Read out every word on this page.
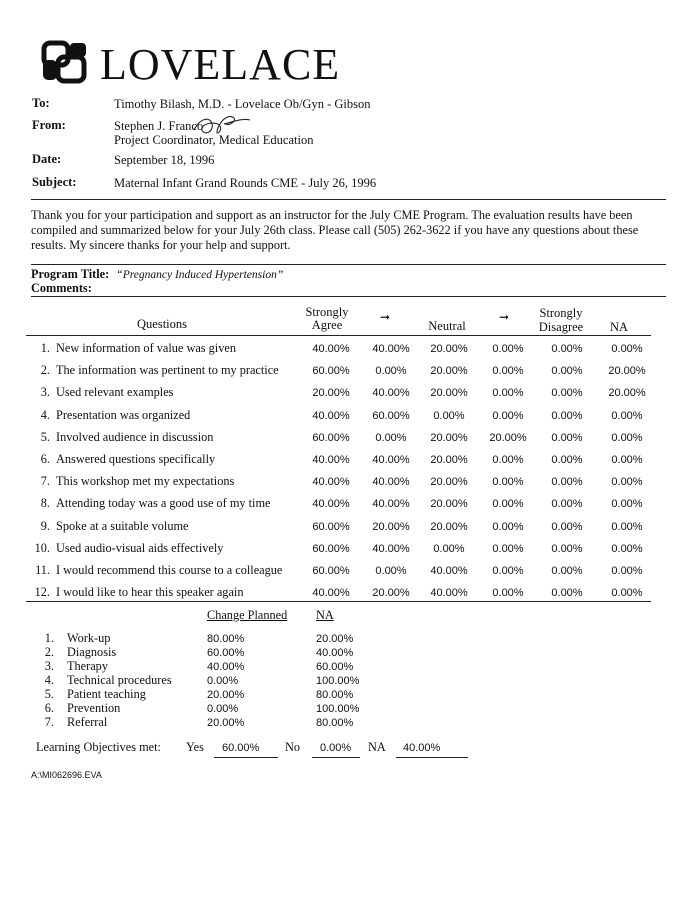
LOVELACE
To:	Timothy Bilash, M.D. - Lovelace Ob/Gyn - Gibson
From:	Stephen J. Franco
Project Coordinator, Medical Education
Date:	September 18, 1996
Subject:	Maternal Infant Grand Rounds CME - July 26, 1996
Thank you for your participation and support as an instructor for the July CME Program. The evaluation results have been compiled and summarized below for your July 26th class. Please call (505) 262-3622 if you have any questions about these results. My sincere thanks for your help and support.
Program Title: “Pregnancy Induced Hypertension”
Comments:
Questions
Strongly
Agree
➞
Neutral
➞	Strongly
Disagree	NA
1. New information of value was given	40.00%	40.00%	20.00%	0.00%	0.00%	0.00%
2. The information was pertinent to my practice	60.00%	0.00%	20.00%	0.00%	0.00%	20.00%
3. Used relevant examples	20.00%	40.00%	20.00%	0.00%	0.00%	20.00%
4. Presentation was organized	40.00%	60.00%	0.00%	0.00%	0.00%	0.00%
5. Involved audience in discussion	60.00%	0.00%	20.00%	20.00%	0.00%	0.00%
6. Answered questions specifically	40.00%	40.00%	20.00%	0.00%	0.00%	0.00%
7. This workshop met my expectations	40.00%	40.00%	20.00%	0.00%	0.00%	0.00%
8. Attending today was a good use of my time	40.00%	40.00%	20.00%	0.00%	0.00%	0.00%
9. Spoke at a suitable volume	60.00%	20.00%	20.00%	0.00%	0.00%	0.00%
10. Used audio-visual aids effectively	60.00%	40.00%	0.00%	0.00%	0.00%	0.00%
11. I would recommend this course to a colleague	60.00%	0.00%	40.00%	0.00%	0.00%	0.00%
12. I would like to hear this speaker again	40.00%	20.00%	40.00%	0.00%	0.00%	0.00%
Change Planned NA
1. Work-up	80.00%	20.00%
2. Diagnosis	60.00%	40.00%
3. Therapy	40.00%	60.00%
4. Technical procedures	0.00%	100.00%
5. Patient teaching	20.00%	80.00%
6. Prevention	0.00%	100.00%
7. Referral	20.00%	80.00%
Learning Objectives met: Yes 60.00% No 0.00% NA 40.00%
A:\MI062696.EVA
